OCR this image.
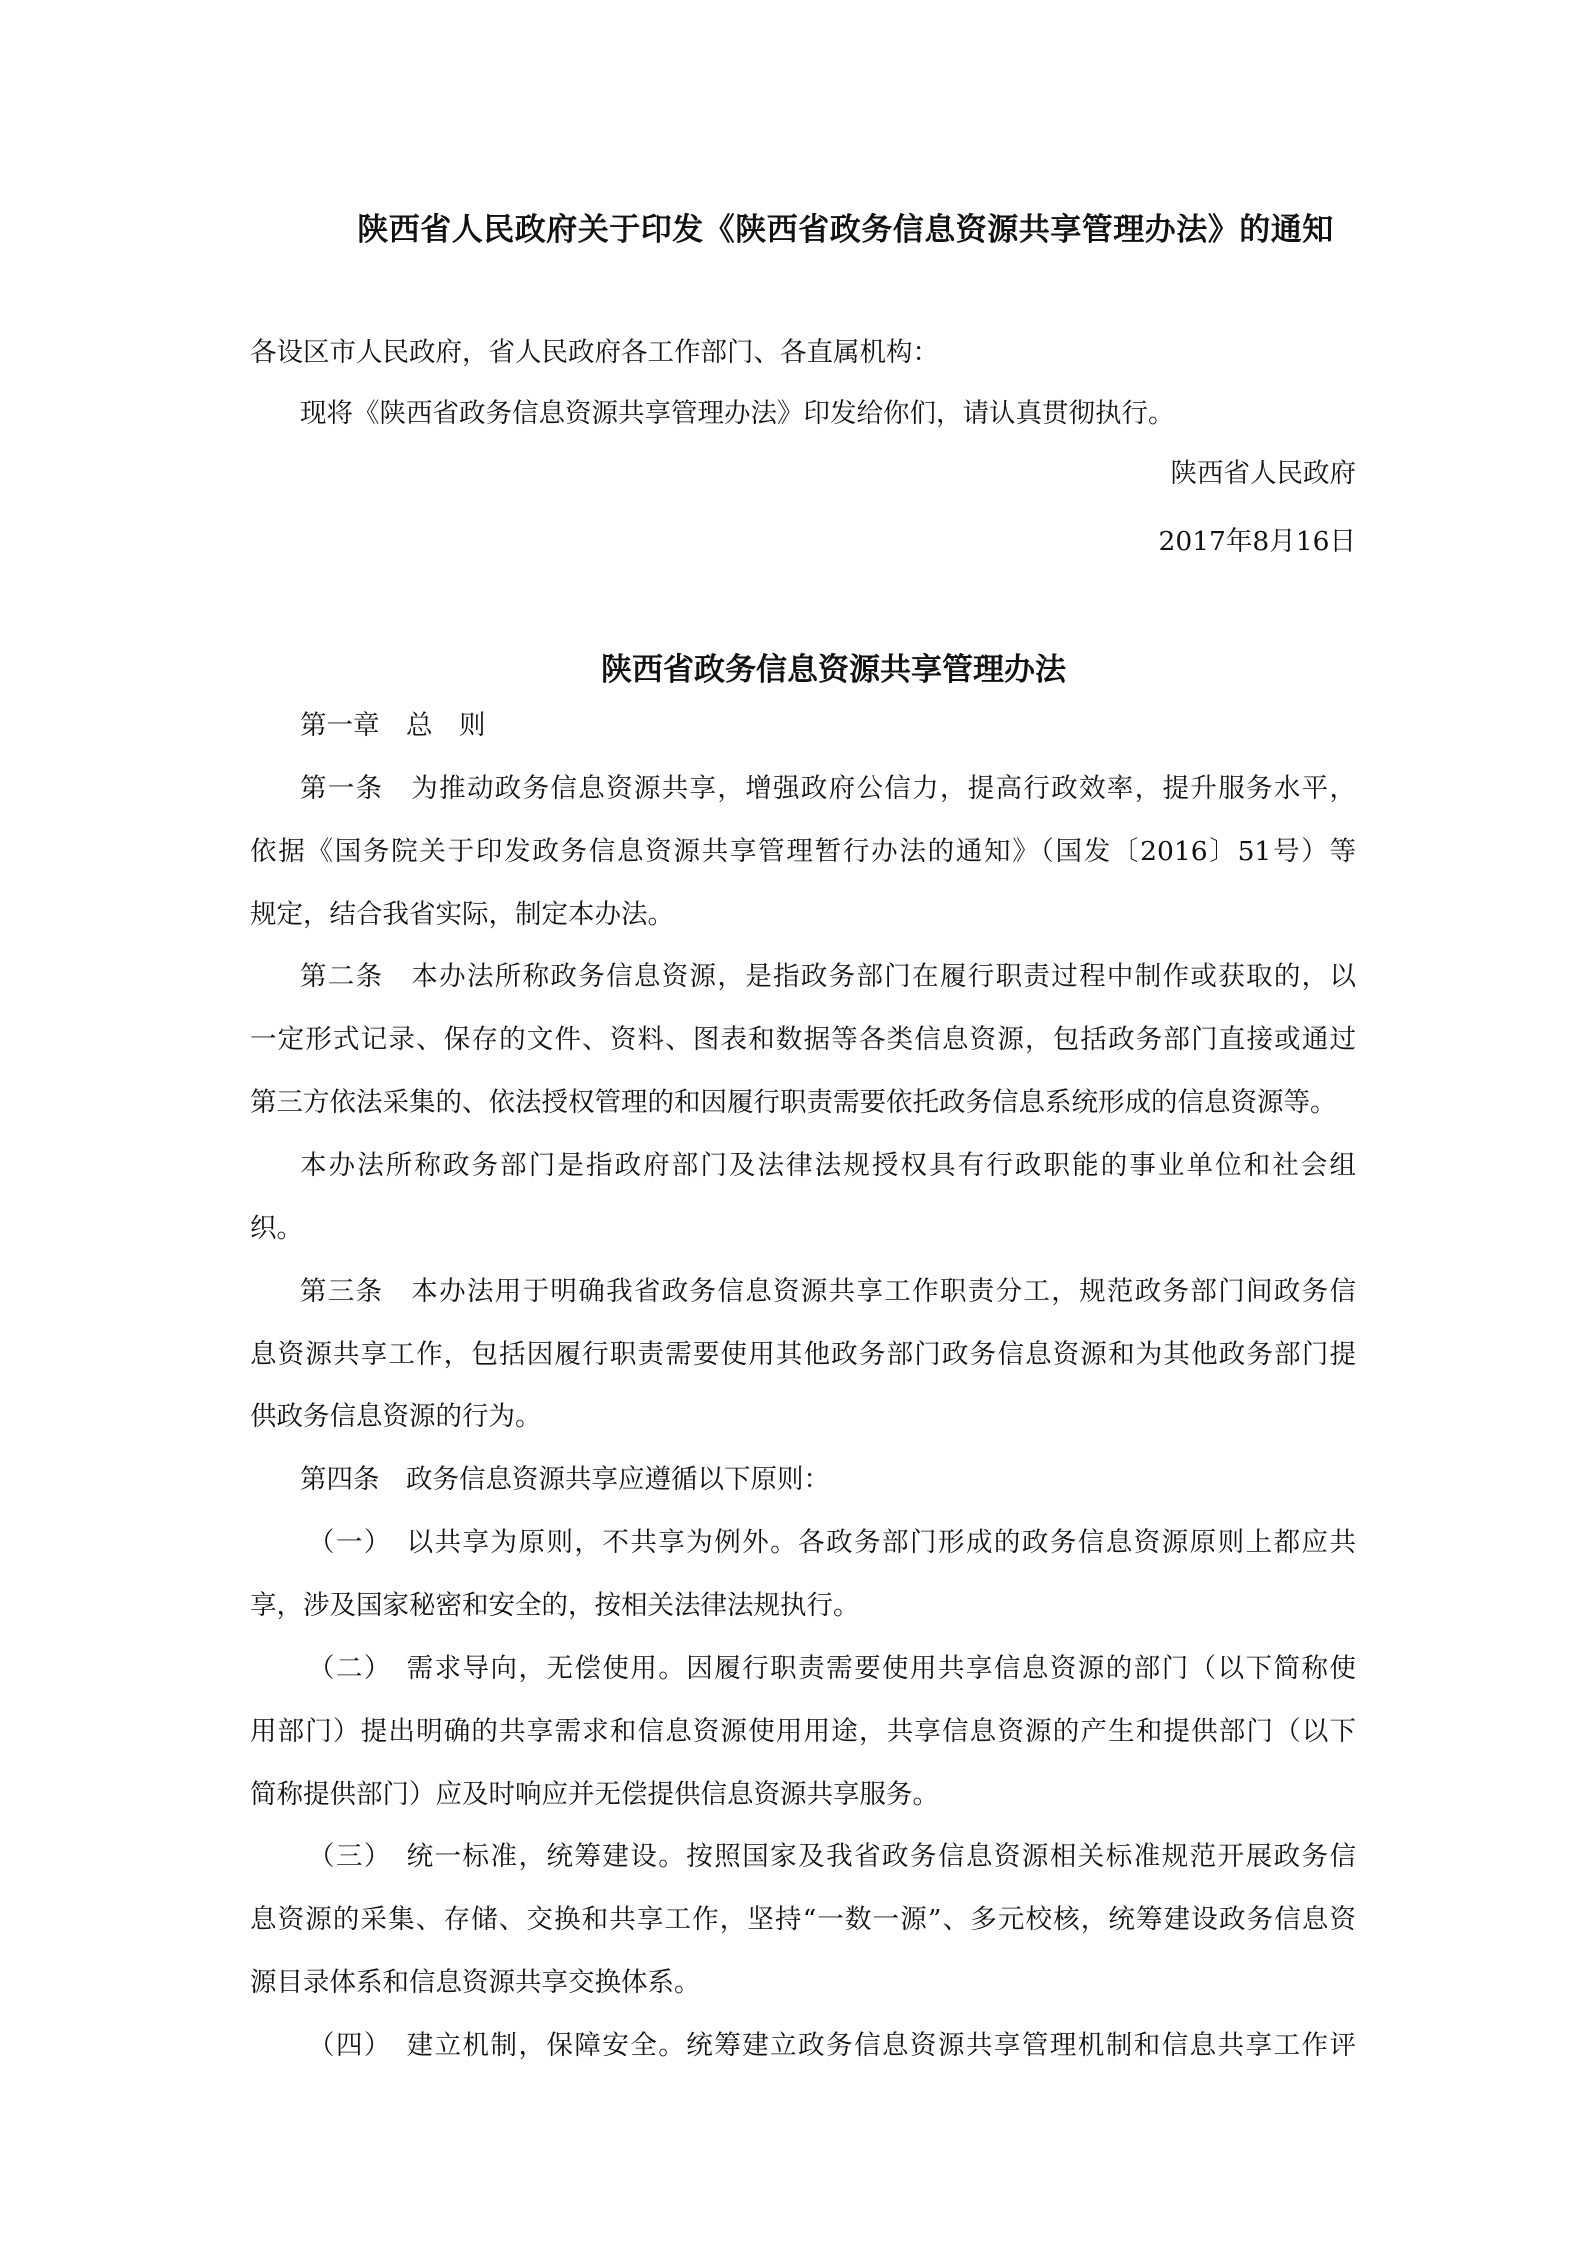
陕西省人民政府关于印发《陕西省政务信息资源共享管理办法》的通知
各设区市人民政府，省人民政府各工作部门、各直属机构：
现将《陕西省政务信息资源共享管理办法》印发给你们，请认真贯彻执行。
陕西省人民政府
2017年8月16日
陕西省政务信息资源共享管理办法
第一章　总　则
第一条　为推动政务信息资源共享，增强政府公信力，提高行政效率，提升服务水平，
依据《国务院关于印发政务信息资源共享管理暂行办法的通知》（国发〔2016〕51号）等
规定，结合我省实际，制定本办法。
第二条　本办法所称政务信息资源，是指政务部门在履行职责过程中制作或获取的，以
一定形式记录、保存的文件、资料、图表和数据等各类信息资源，包括政务部门直接或通过
第三方依法采集的、依法授权管理的和因履行职责需要依托政务信息系统形成的信息资源等。
本办法所称政务部门是指政府部门及法律法规授权具有行政职能的事业单位和社会组
织。
第三条　本办法用于明确我省政务信息资源共享工作职责分工，规范政务部门间政务信
息资源共享工作，包括因履行职责需要使用其他政务部门政务信息资源和为其他政务部门提
供政务信息资源的行为。
第四条　政务信息资源共享应遵循以下原则：
（一）　以共享为原则，不共享为例外。各政务部门形成的政务信息资源原则上都应共
享，涉及国家秘密和安全的，按相关法律法规执行。
（二）　需求导向，无偿使用。因履行职责需要使用共享信息资源的部门（以下简称使
用部门）提出明确的共享需求和信息资源使用用途，共享信息资源的产生和提供部门（以下
简称提供部门）应及时响应并无偿提供信息资源共享服务。
（三）　统一标准，统筹建设。按照国家及我省政务信息资源相关标准规范开展政务信
息资源的采集、存储、交换和共享工作，坚持“一数一源”、多元校核，统筹建设政务信息资
源目录体系和信息资源共享交换体系。
（四）　建立机制，保障安全。统筹建立政务信息资源共享管理机制和信息共享工作评
